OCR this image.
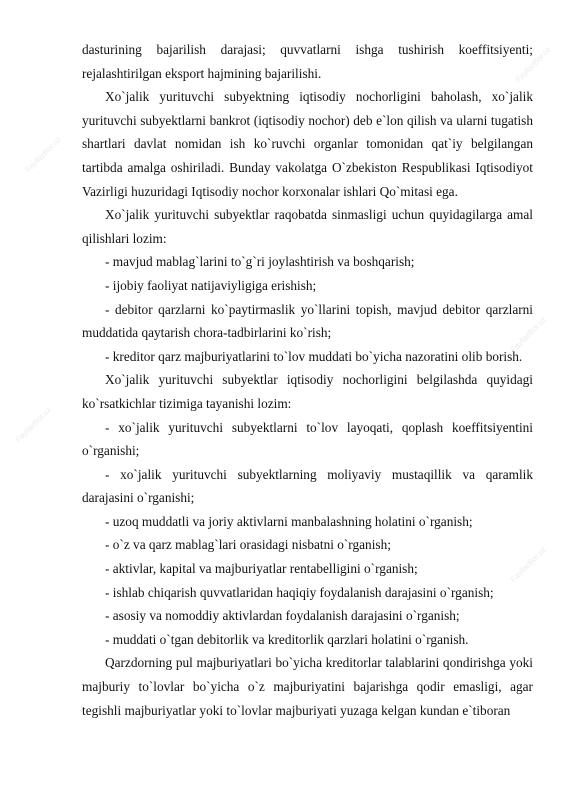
FayllarBor.uz
FayllarBor.uz
FayllarBor.uz
FayllarBor.uz
FayllarBor.uz

dasturining bajarilish darajasi; quvvatlarni ishga tushirish koeffitsiyenti; rejalashtirilgan eksport hajmining bajarilishi.

Xo`jalik yurituvchi subyektning iqtisodiy nochorligini baholash, xo`jalik yurituvchi subyektlarni bankrot (iqtisodiy nochor) deb e`lon qilish va ularni tugatish shartlari davlat nomidan ish ko`ruvchi organlar tomonidan qat`iy belgilangan tartibda amalga oshiriladi. Bunday vakolatga O`zbekiston Respublikasi Iqtisodiyot Vazirligi huzuridagi Iqtisodiy nochor korxonalar ishlari Qo`mitasi ega.

Xo`jalik yurituvchi subyektlar raqobatda sinmasligi uchun quyidagilarga amal qilishlari lozim:

- mavjud mablag`larini to`g`ri joylashtirish va boshqarish;

- ijobiy faoliyat natijaviyligiga erishish;

- debitor qarzlarni ko`paytirmaslik yo`llarini topish, mavjud debitor qarzlarni muddatida qaytarish chora-tadbirlarini ko`rish;

- kreditor qarz majburiyatlarini to`lov muddati bo`yicha nazoratini olib borish.

Xo`jalik yurituvchi subyektlar iqtisodiy nochorligini belgilashda quyidagi ko`rsatkichlar tizimiga tayanishi lozim:

- xo`jalik yurituvchi subyektlarni to`lov layoqati, qoplash koeffitsiyentini o`rganishi;

- xo`jalik yurituvchi subyektlarning moliyaviy mustaqillik va qaramlik darajasini o`rganishi;

- uzoq muddatli va joriy aktivlarni manbalashning holatini o`rganish;

- o`z va qarz mablag`lari orasidagi nisbatni o`rganish;

- aktivlar, kapital va majburiyatlar rentabelligini o`rganish;

- ishlab chiqarish quvvatlaridan haqiqiy foydalanish darajasini o`rganish;

- asosiy va nomoddiy aktivlardan foydalanish darajasini o`rganish;

- muddati o`tgan debitorlik va kreditorlik qarzlari holatini o`rganish.

Qarzdorning pul majburiyatlari bo`yicha kreditorlar talablarini qondirishga yoki majburiy to`lovlar bo`yicha o`z majburiyatini bajarishga qodir emasligi, agar tegishli majburiyatlar yoki to`lovlar majburiyati yuzaga kelgan kundan e`tiboran
